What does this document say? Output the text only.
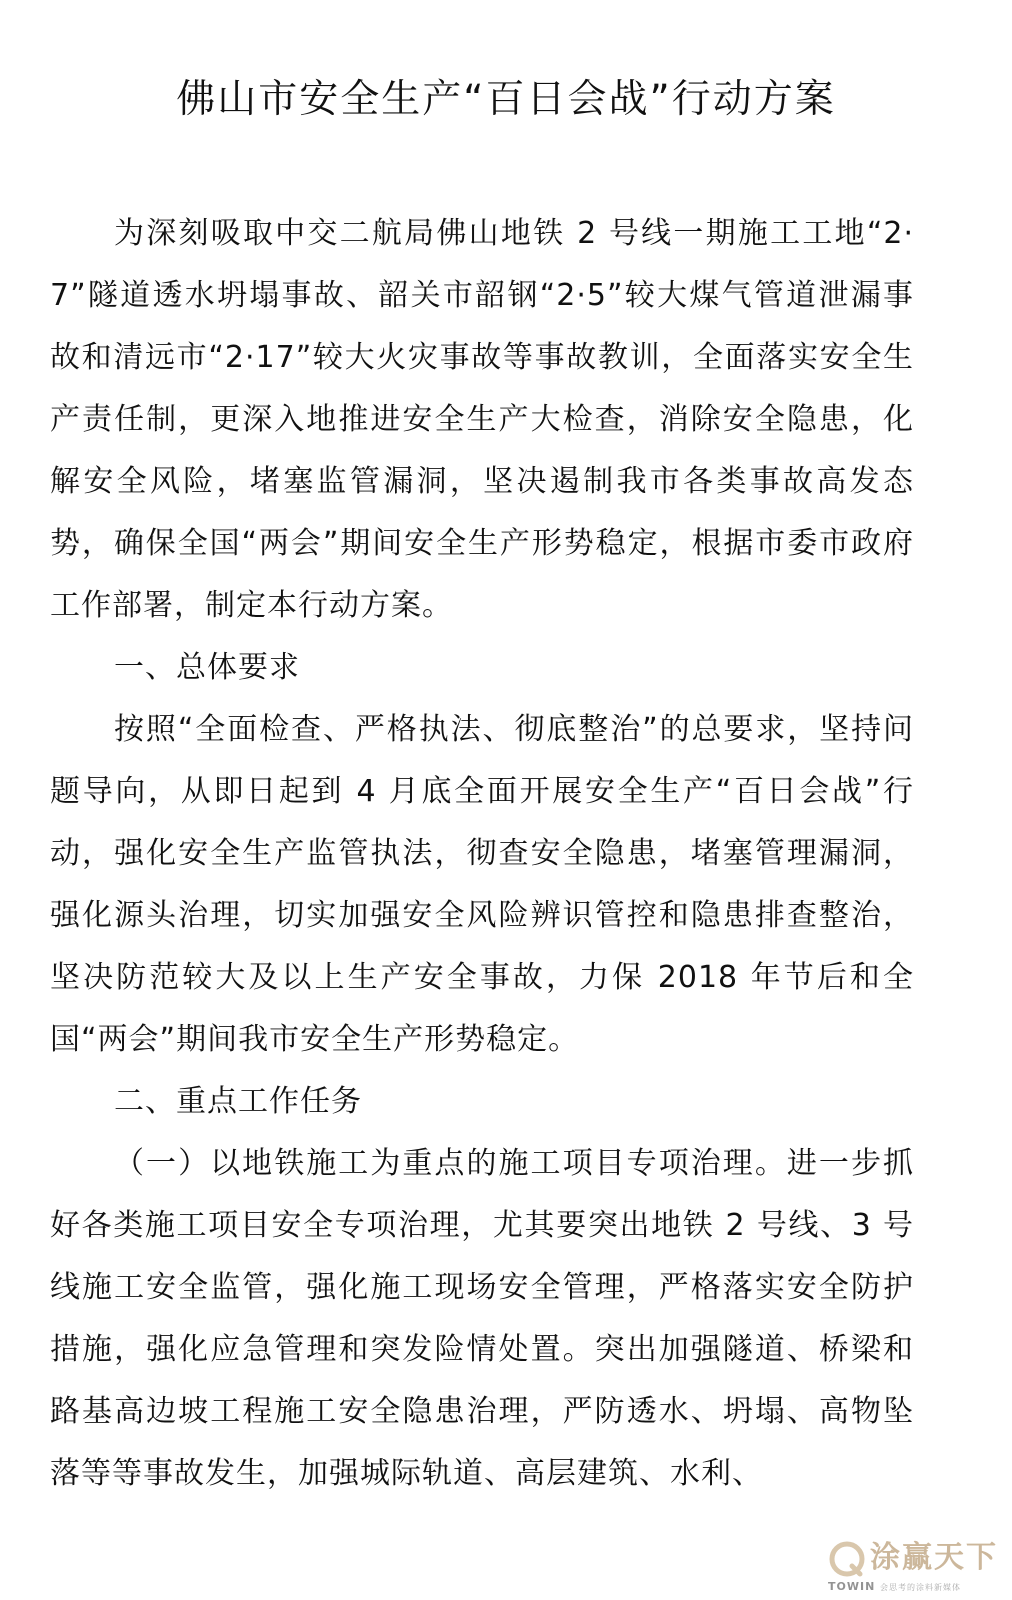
佛山市安全生产“百日会战”行动方案

为深刻吸取中交二航局佛山地铁 2 号线一期施工工地“2·7”隧道透水坍塌事故、韶关市韶钢“2·5”较大煤气管道泄漏事故和清远市“2·17”较大火灾事故等事故教训，全面落实安全生产责任制，更深入地推进安全生产大检查，消除安全隐患，化解安全风险，堵塞监管漏洞，坚决遏制我市各类事故高发态势，确保全国“两会”期间安全生产形势稳定，根据市委市政府工作部署，制定本行动方案。

一、总体要求

按照“全面检查、严格执法、彻底整治”的总要求，坚持问题导向，从即日起到 4 月底全面开展安全生产“百日会战”行动，强化安全生产监管执法，彻查安全隐患，堵塞管理漏洞，强化源头治理，切实加强安全风险辨识管控和隐患排查整治，坚决防范较大及以上生产安全事故，力保 2018 年节后和全国“两会”期间我市安全生产形势稳定。

二、重点工作任务

（一）以地铁施工为重点的施工项目专项治理。进一步抓好各类施工项目安全专项治理，尤其要突出地铁 2 号线、3 号线施工安全监管，强化施工现场安全管理，严格落实安全防护措施，强化应急管理和突发险情处置。突出加强隧道、桥梁和路基高边坡工程施工安全隐患治理，严防透水、坍塌、高物坠落等等事故发生，加强城际轨道、高层建筑、水利、

涂赢天下
TOWIN 会思考的涂料新媒体
